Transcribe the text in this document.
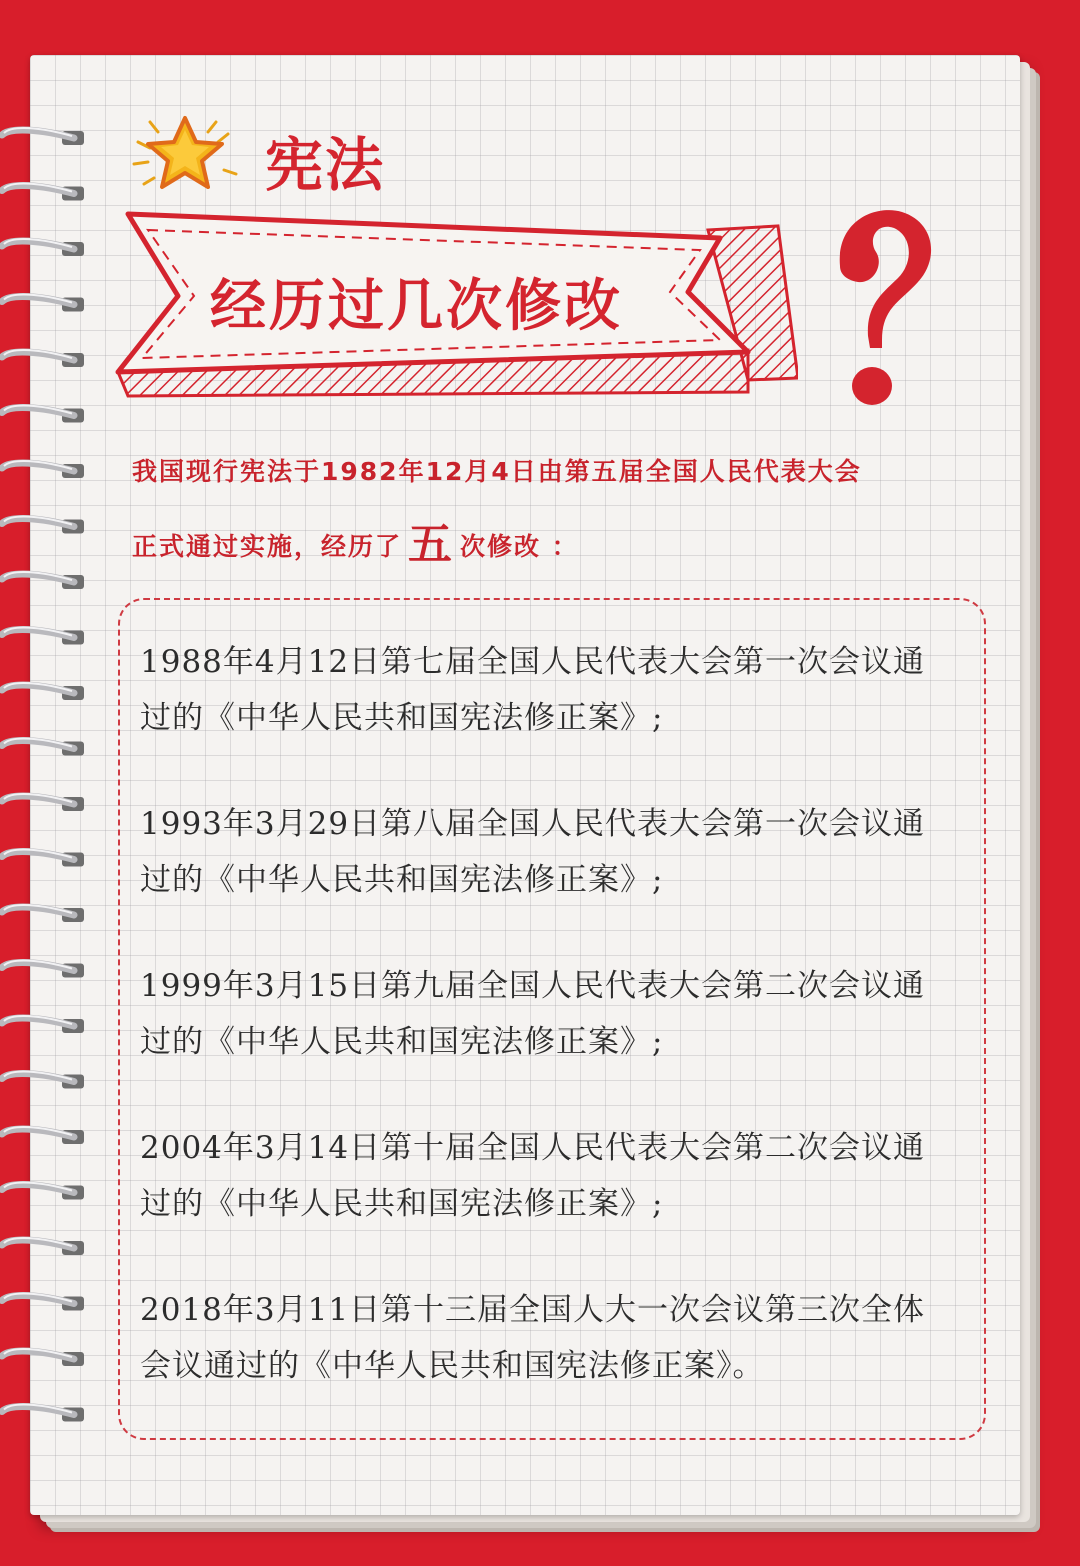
宪法
经历过几次修改
我国现行宪法于1982年12月4日由第五届全国人民代表大会
正式通过实施，经历了 五 次修改 ：
1988年4月12日第七届全国人民代表大会第一次会议通
过的《中华人民共和国宪法修正案》;
1993年3月29日第八届全国人民代表大会第一次会议通
过的《中华人民共和国宪法修正案》;
1999年3月15日第九届全国人民代表大会第二次会议通
过的《中华人民共和国宪法修正案》;
2004年3月14日第十届全国人民代表大会第二次会议通
过的《中华人民共和国宪法修正案》;
2018年3月11日第十三届全国人大一次会议第三次全体
会议通过的《中华人民共和国宪法修正案》。
